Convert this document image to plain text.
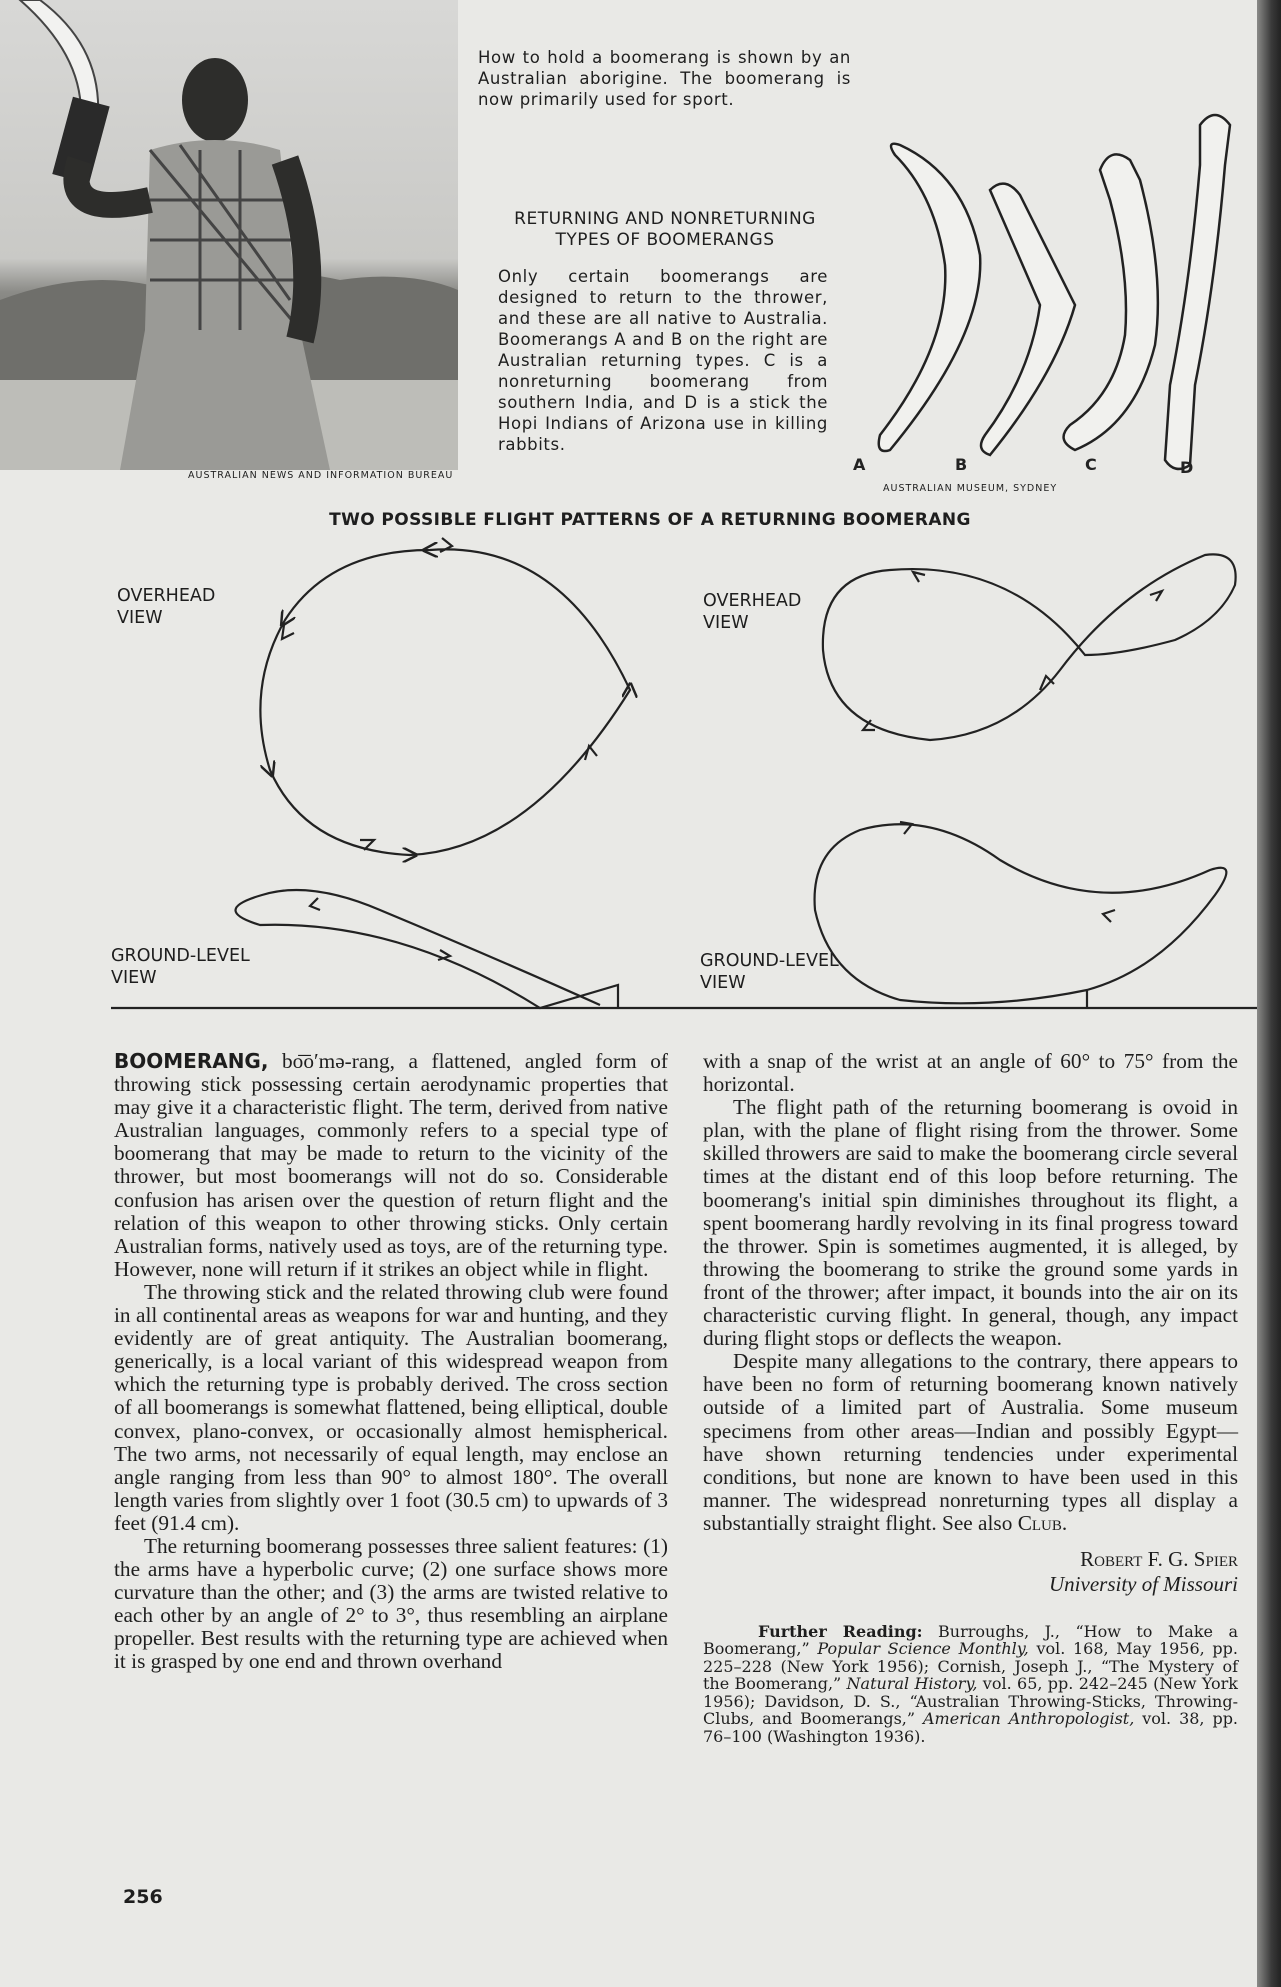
AUSTRALIAN NEWS AND INFORMATION BUREAU
How to hold a boomerang is shown by an Australian aborigine. The boomerang is now primarily used for sport.
RETURNING AND NONRETURNING
TYPES OF BOOMERANGS
Only certain boomerangs are designed to return to the thrower, and these are all native to Australia. Boomerangs A and B on the right are Australian returning types. C is a nonreturning boomerang from southern India, and D is a stick the Hopi Indians of Arizona use in killing rabbits.
A	B	C	D
AUSTRALIAN MUSEUM, SYDNEY
TWO POSSIBLE FLIGHT PATTERNS OF A RETURNING BOOMERANG
OVERHEAD
VIEW
OVERHEAD
VIEW
GROUND-LEVEL
VIEW
GROUND-LEVEL
VIEW

BOOMERANG, bo͞o′mə-rang, a flattened, angled form of throwing stick possessing certain aerodynamic properties that may give it a characteristic flight. The term, derived from native Australian languages, commonly refers to a special type of boomerang that may be made to return to the vicinity of the thrower, but most boomerangs will not do so. Considerable confusion has arisen over the question of return flight and the relation of this weapon to other throwing sticks. Only certain Australian forms, natively used as toys, are of the returning type. However, none will return if it strikes an object while in flight.

The throwing stick and the related throwing club were found in all continental areas as weapons for war and hunting, and they evidently are of great antiquity. The Australian boomerang, generically, is a local variant of this widespread weapon from which the returning type is probably derived. The cross section of all boomerangs is somewhat flattened, being elliptical, double convex, plano-convex, or occasionally almost hemispherical. The two arms, not necessarily of equal length, may enclose an angle ranging from less than 90° to almost 180°. The overall length varies from slightly over 1 foot (30.5 cm) to upwards of 3 feet (91.4 cm).

The returning boomerang possesses three salient features: (1) the arms have a hyperbolic curve; (2) one surface shows more curvature than the other; and (3) the arms are twisted relative to each other by an angle of 2° to 3°, thus resembling an airplane propeller. Best results with the returning type are achieved when it is grasped by one end and thrown overhand

with a snap of the wrist at an angle of 60° to 75° from the horizontal.

The flight path of the returning boomerang is ovoid in plan, with the plane of flight rising from the thrower. Some skilled throwers are said to make the boomerang circle several times at the distant end of this loop before returning. The boomerang's initial spin diminishes throughout its flight, a spent boomerang hardly revolving in its final progress toward the thrower. Spin is sometimes augmented, it is alleged, by throwing the boomerang to strike the ground some yards in front of the thrower; after impact, it bounds into the air on its characteristic curving flight. In general, though, any impact during flight stops or deflects the weapon.

Despite many allegations to the contrary, there appears to have been no form of returning boomerang known natively outside of a limited part of Australia. Some museum specimens from other areas—Indian and possibly Egypt—have shown returning tendencies under experimental conditions, but none are known to have been used in this manner. The widespread nonreturning types all display a substantially straight flight. See also Club.

Robert F. G. Spier
University of Missouri
Further Reading: Burroughs, J., “How to Make a Boomerang,” Popular Science Monthly, vol. 168, May 1956, pp. 225–228 (New York 1956); Cornish, Joseph J., “The Mystery of the Boomerang,” Natural History, vol. 65, pp. 242–245 (New York 1956); Davidson, D. S., “Australian Throwing-Sticks, Throwing-Clubs, and Boomerangs,” American Anthropologist, vol. 38, pp. 76–100 (Washington 1936).
256
